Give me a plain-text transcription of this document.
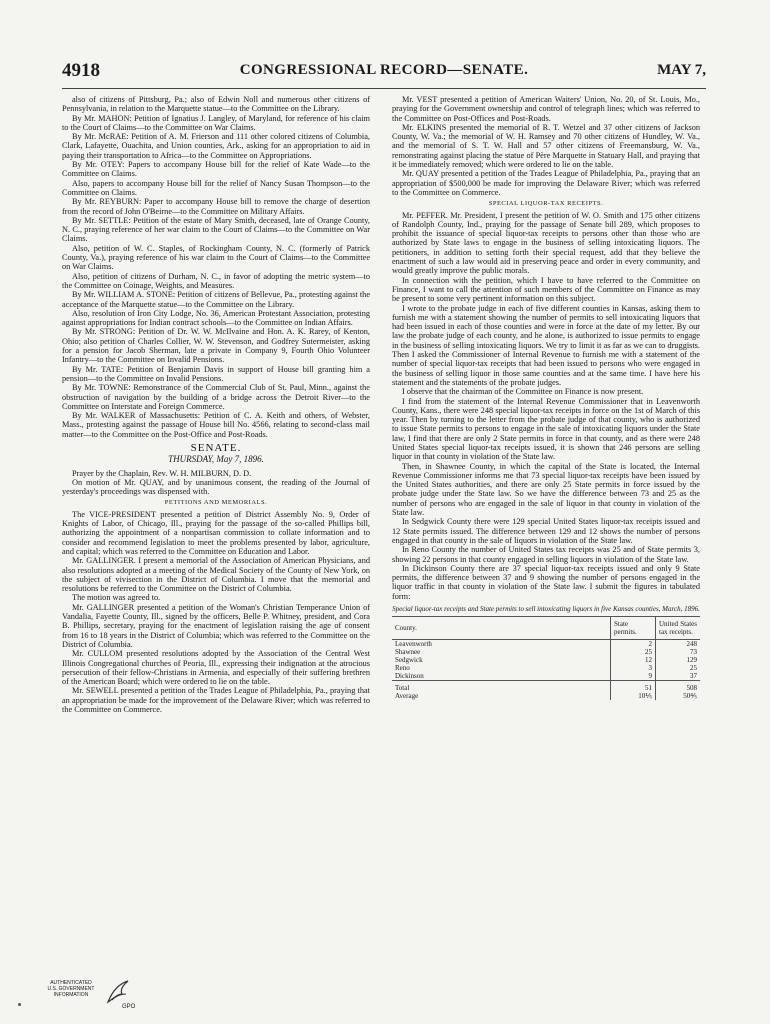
4918	CONGRESSIONAL RECORD—SENATE.	MAY 7,

also of citizens of Pittsburg, Pa.; also of Edwin Noll and numerous other citizens of Pennsylvania, in relation to the Marquette statue—to the Committee on the Library.

By Mr. MAHON: Petition of Ignatius J. Langley, of Maryland, for reference of his claim to the Court of Claims—to the Committee on War Claims.

By Mr. McRAE: Petition of A. M. Frierson and 111 other colored citizens of Columbia, Clark, Lafayette, Ouachita, and Union counties, Ark., asking for an appropriation to aid in paying their transportation to Africa—to the Committee on Appropriations.

By Mr. OTEY: Papers to accompany House bill for the relief of Kate Wade—to the Committee on Claims.

Also, papers to accompany House bill for the relief of Nancy Susan Thompson—to the Committee on Claims.

By Mr. REYBURN: Paper to accompany House bill to remove the charge of desertion from the record of John O'Beirne—to the Committee on Military Affairs.

By Mr. SETTLE: Petition of the estate of Mary Smith, deceased, late of Orange County, N. C., praying reference of her war claim to the Court of Claims—to the Committee on War Claims.

Also, petition of W. C. Staples, of Rockingham County, N. C. (formerly of Patrick County, Va.), praying reference of his war claim to the Court of Claims—to the Committee on War Claims.

Also, petition of citizens of Durham, N. C., in favor of adopting the metric system—to the Committee on Coinage, Weights, and Measures.

By Mr. WILLIAM A. STONE: Petition of citizens of Bellevue, Pa., protesting against the acceptance of the Marquette statue—to the Committee on the Library.

Also, resolution of Iron City Lodge, No. 36, American Protestant Association, protesting against appropriations for Indian contract schools—to the Committee on Indian Affairs.

By Mr. STRONG: Petition of Dr. W. W. McIlvaine and Hon. A. K. Rarey, of Kenton, Ohio; also petition of Charles Collier, W. W. Stevenson, and Godfrey Sutermeister, asking for a pension for Jacob Sherman, late a private in Company 9, Fourth Ohio Volunteer Infantry—to the Committee on Invalid Pensions.

By Mr. TATE: Petition of Benjamin Davis in support of House bill granting him a pension—to the Committee on Invalid Pensions.

By Mr. TOWNE: Remonstrance of the Commercial Club of St. Paul, Minn., against the obstruction of navigation by the building of a bridge across the Detroit River—to the Committee on Interstate and Foreign Commerce.

By Mr. WALKER of Massachusetts: Petition of C. A. Keith and others, of Webster, Mass., protesting against the passage of House bill No. 4566, relating to second-class mail matter—to the Committee on the Post-Office and Post-Roads.

SENATE.
THURSDAY, May 7, 1896.

Prayer by the Chaplain, Rev. W. H. MILBURN, D. D.

On motion of Mr. QUAY, and by unanimous consent, the reading of the Journal of yesterday's proceedings was dispensed with.

PETITIONS AND MEMORIALS.

The VICE-PRESIDENT presented a petition of District Assembly No. 9, Order of Knights of Labor, of Chicago, Ill., praying for the passage of the so-called Phillips bill, authorizing the appointment of a nonpartisan commission to collate information and to consider and recommend legislation to meet the problems presented by labor, agriculture, and capital; which was referred to the Committee on Education and Labor.

Mr. GALLINGER. I present a memorial of the Association of American Physicians, and also resolutions adopted at a meeting of the Medical Society of the County of New York, on the subject of vivisection in the District of Columbia. I move that the memorial and resolutions be referred to the Committee on the District of Columbia.

The motion was agreed to.

Mr. GALLINGER presented a petition of the Woman's Christian Temperance Union of Vandalia, Fayette County, Ill., signed by the officers, Belle P. Whitney, president, and Cora B. Phillips, secretary, praying for the enactment of legislation raising the age of consent from 16 to 18 years in the District of Columbia; which was referred to the Committee on the District of Columbia.

Mr. CULLOM presented resolutions adopted by the Association of the Central West Illinois Congregational churches of Peoria, Ill., expressing their indignation at the atrocious persecution of their fellow-Christians in Armenia, and especially of their suffering brethren of the American Board; which were ordered to lie on the table.

Mr. SEWELL presented a petition of the Trades League of Philadelphia, Pa., praying that an appropriation be made for the improvement of the Delaware River; which was referred to the Committee on Commerce.

Mr. VEST presented a petition of American Waiters' Union, No. 20, of St. Louis, Mo., praying for the Government ownership and control of telegraph lines; which was referred to the Committee on Post-Offices and Post-Roads.

Mr. ELKINS presented the memorial of R. T. Wetzel and 37 other citizens of Jackson County, W. Va.; the memorial of W. H. Ramsey and 70 other citizens of Hundley, W. Va., and the memorial of S. T. W. Hall and 57 other citizens of Freemansburg, W. Va., remonstrating against placing the statue of Père Marquette in Statuary Hall, and praying that it be immediately removed; which were ordered to lie on the table.

Mr. QUAY presented a petition of the Trades League of Philadelphia, Pa., praying that an appropriation of $500,000 be made for improving the Delaware River; which was referred to the Committee on Commerce.

SPECIAL LIQUOR-TAX RECEIPTS.

Mr. PEFFER. Mr. President, I present the petition of W. O. Smith and 175 other citizens of Randolph County, Ind., praying for the passage of Senate bill 289, which proposes to prohibit the issuance of special liquor-tax receipts to persons other than those who are authorized by State laws to engage in the business of selling intoxicating liquors. The petitioners, in addition to setting forth their special request, add that they believe the enactment of such a law would aid in preserving peace and order in every community, and would greatly improve the public morals.

In connection with the petition, which I have to have referred to the Committee on Finance, I want to call the attention of such members of the Committee on Finance as may be present to some very pertinent information on this subject.

I wrote to the probate judge in each of five different counties in Kansas, asking them to furnish me with a statement showing the number of permits to sell intoxicating liquors that had been issued in each of those counties and were in force at the date of my letter. By our law the probate judge of each county, and he alone, is authorized to issue permits to engage in the business of selling intoxicating liquors. We try to limit it as far as we can to druggists. Then I asked the Commissioner of Internal Revenue to furnish me with a statement of the number of special liquor-tax receipts that had been issued to persons who were engaged in the business of selling liquor in those same counties and at the same time. I have here his statement and the statements of the probate judges.

I observe that the chairman of the Committee on Finance is now present.

I find from the statement of the Internal Revenue Commissioner that in Leavenworth County, Kans., there were 248 special liquor-tax receipts in force on the 1st of March of this year. Then by turning to the letter from the probate judge of that county, who is authorized to issue State permits to persons to engage in the sale of intoxicating liquors under the State law, I find that there are only 2 State permits in force in that county, and as there were 248 United States special liquor-tax receipts issued, it is shown that 246 persons are selling liquor in that county in violation of the State law.

Then, in Shawnee County, in which the capital of the State is located, the Internal Revenue Commissioner informs me that 73 special liquor-tax receipts have been issued by the United States authorities, and there are only 25 State permits in force issued by the probate judge under the State law. So we have the difference between 73 and 25 as the number of persons who are engaged in the sale of liquor in that county in violation of the State law.

In Sedgwick County there were 129 special United States liquor-tax receipts issued and 12 State permits issued. The difference between 129 and 12 shows the number of persons engaged in that county in the sale of liquors in violation of the State law.

In Reno County the number of United States tax receipts was 25 and of State permits 3, showing 22 persons in that county engaged in selling liquors in violation of the State law.

In Dickinson County there are 37 special liquor-tax receipts issued and only 9 State permits, the difference between 37 and 9 showing the number of persons engaged in the liquor traffic in that county in violation of the State law. I submit the figures in tabulated form:

Special liquor-tax receipts and State permits to sell intoxicating liquors in five Kansas counties, March, 1896.
County.	State permits.	United States tax receipts.
Leavenworth	2	248
Shawnee	25	73
Sedgwick	12	129
Reno	3	25
Dickinson	9	37
Total	51	508
Average	10⅕	50⅘
AUTHENTICATED
U.S. GOVERNMENT
INFORMATION
GPO
